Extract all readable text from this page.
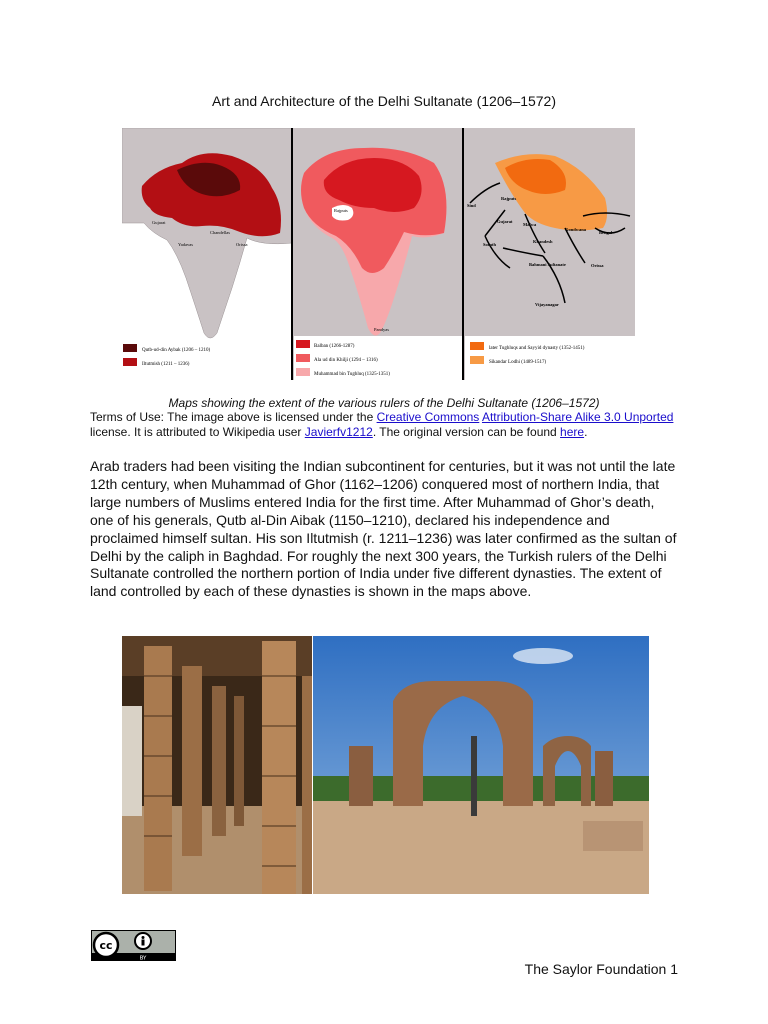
Art and Architecture of the Delhi Sultanate (1206–1572)
Qutb-ud-din Aybak (1206 – 1210)
Iltutmish (1211 – 1236)
Gujarat
Chandellas
Yadavas	Orissa
Balban (1266-1287)
Ala ud din Khilji (1294 – 1316)
Muhammad bin Tughluq (1325-1351)
Rajputs
Pandyas
later Tughluqs and Sayyid dynasty (1352-1451)
Sikandar Lodhi (1489-1517)
Sind
Rajputs
Gujarat
Malwa
Gondwana
Bengal
Khandesh
Sorath
Bahmani Sultanate	Orissa
Vijayanagar
Maps showing the extent of the various rulers of the Delhi Sultanate (1206–1572)
Terms of Use: The image above is licensed under the Creative Commons Attribution-Share Alike 3.0 Unported license. It is attributed to Wikipedia user Javierfv1212. The original version can be found here.
Arab traders had been visiting the Indian subcontinent for centuries, but it was not until the late 12th century, when Muhammad of Ghor (1162–1206) conquered most of northern India, that large numbers of Muslims entered India for the first time. After Muhammad of Ghor’s death, one of his generals, Qutb al-Din Aibak (1150–1210), declared his independence and proclaimed himself sultan. His son Iltutmish (r. 1211–1236) was later confirmed as the sultan of Delhi by the caliph in Baghdad. For roughly the next 300 years, the Turkish rulers of the Delhi Sultanate controlled the northern portion of India under five different dynasties. The extent of land controlled by each of these dynasties is shown in the maps above.
cc
BY
The Saylor Foundation 1
